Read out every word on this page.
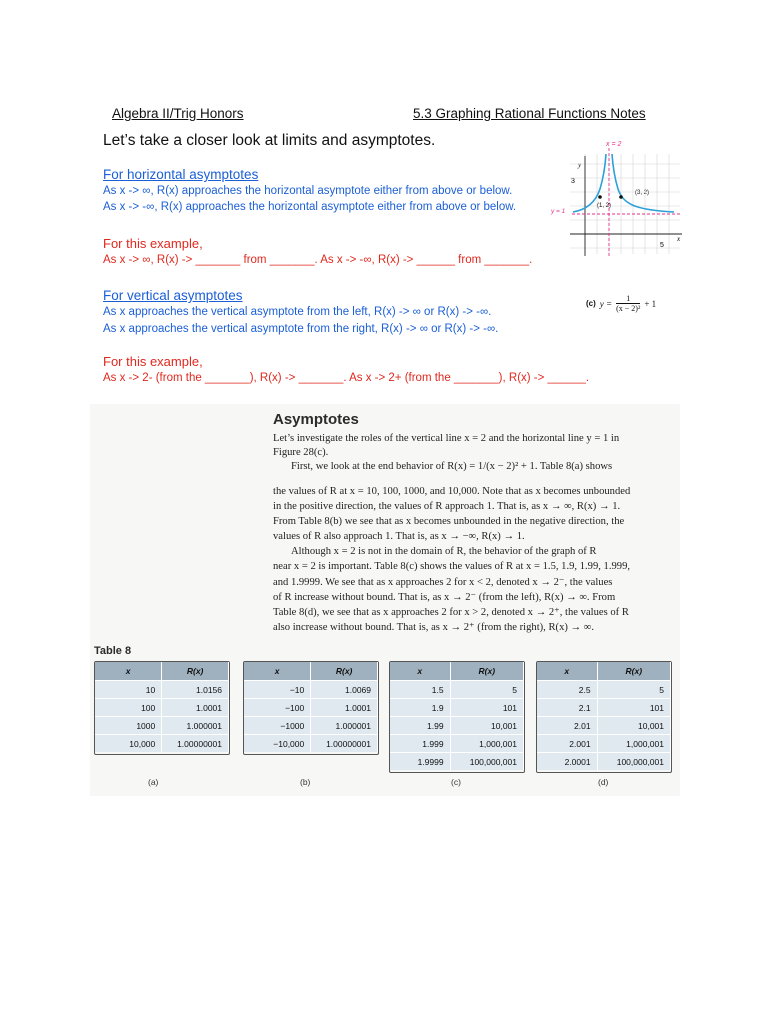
Algebra II/Trig Honors	5.3 Graphing Rational Functions Notes
Let’s take a closer look at limits and asymptotes.
For horizontal asymptotes
As x -> ∞, R(x) approaches the horizontal asymptote either from above or below.
As x -> -∞, R(x) approaches the horizontal asymptote either from above or below.
For this example,
As x -> ∞, R(x) -> _______ from _______. As x -> -∞, R(x) -> ______ from _______.
x = 2
y
3
y = 1
5
x
(1, 2)
(3, 2)
(c) $y = \frac{1}{\text{(x − 2)²}} + 1$
For vertical asymptotes
As x approaches the vertical asymptote from the left, R(x) -> ∞ or R(x) -> -∞.
As x approaches the vertical asymptote from the right, R(x) -> ∞ or R(x) -> -∞.
For this example,
As x -> 2- (from the _______), R(x) -> _______. As x -> 2+ (from the _______), R(x) -> ______.
Asymptotes
Let’s investigate the roles of the vertical line x = 2 and the horizontal line y = 1 in
Figure 28(c).
First, we look at the end behavior of R(x) = 1/(x − 2)² + 1. Table 8(a) shows
the values of R at x = 10, 100, 1000, and 10,000. Note that as x becomes unbounded
in the positive direction, the values of R approach 1. That is, as x → ∞, R(x) → 1.
From Table 8(b) we see that as x becomes unbounded in the negative direction, the
values of R also approach 1. That is, as x → −∞, R(x) → 1.
Although x = 2 is not in the domain of R, the behavior of the graph of R
near x = 2 is important. Table 8(c) shows the values of R at x = 1.5, 1.9, 1.99, 1.999,
and 1.9999. We see that as x approaches 2 for x < 2, denoted x → 2⁻, the values
of R increase without bound. That is, as x → 2⁻ (from the left), R(x) → ∞. From
Table 8(d), we see that as x approaches 2 for x > 2, denoted x → 2⁺, the values of R
also increase without bound. That is, as x → 2⁺ (from the right), R(x) → ∞.
Table 8
x	R(x)
10	1.0156
100	1.0001
1000	1.000001
10,000	1.00000001
x	R(x)
−10	1.0069
−100	1.0001
−1000	1.000001
−10,000	1.00000001
x	R(x)
1.5	5
1.9	101
1.99	10,001
1.999	1,000,001
1.9999	100,000,001
x	R(x)
2.5	5
2.1	101
2.01	10,001
2.001	1,000,001
2.0001	100,000,001
(a)	(b)	(c)	(d)
